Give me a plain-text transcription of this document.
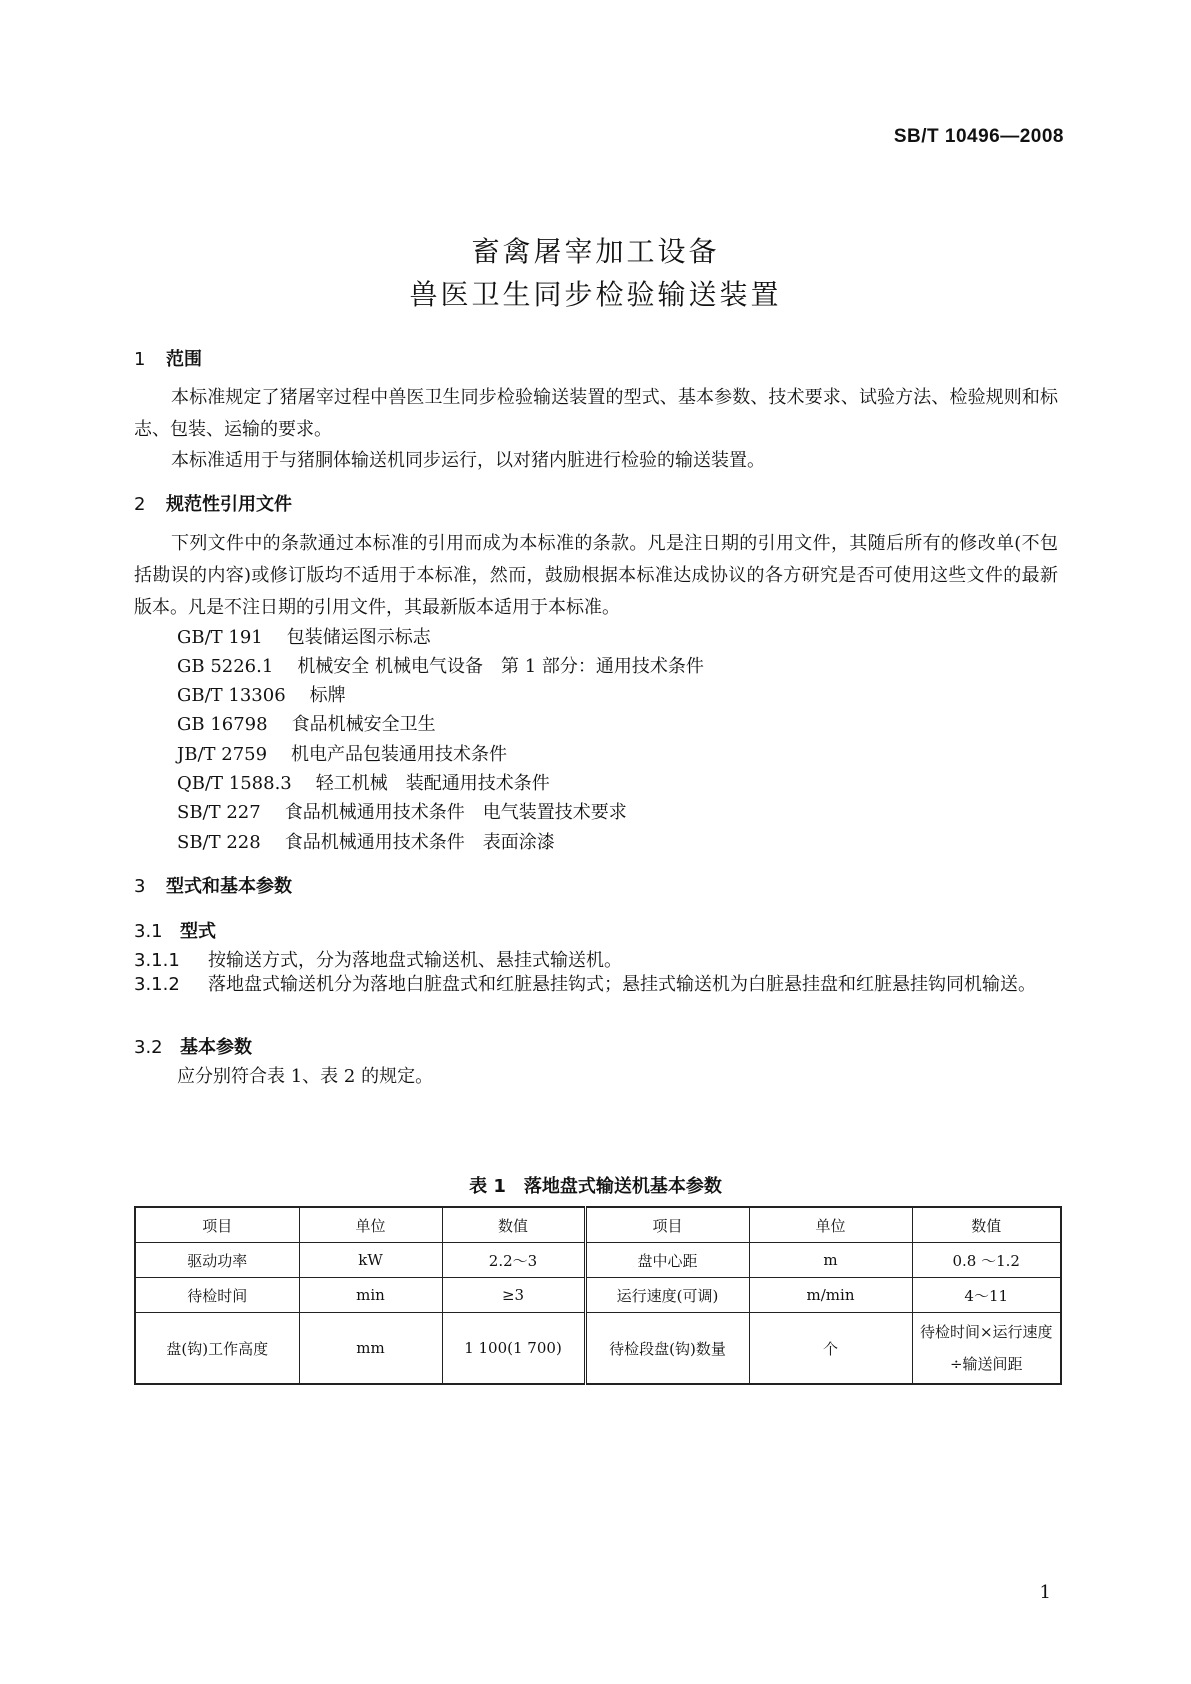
SB/T 10496—2008
畜禽屠宰加工设备
兽医卫生同步检验输送装置
1 范围
本标准规定了猪屠宰过程中兽医卫生同步检验输送装置的型式、基本参数、技术要求、试验方法、检验规则和标志、包装、运输的要求。
本标准适用于与猪胴体输送机同步运行，以对猪内脏进行检验的输送装置。
2 规范性引用文件
下列文件中的条款通过本标准的引用而成为本标准的条款。凡是注日期的引用文件，其随后所有的修改单(不包括勘误的内容)或修订版均不适用于本标准，然而，鼓励根据本标准达成协议的各方研究是否可使用这些文件的最新版本。凡是不注日期的引用文件，其最新版本适用于本标准。
GB/T 191 包装储运图示标志
GB 5226.1 机械安全 机械电气设备　第 1 部分：通用技术条件
GB/T 13306 标牌
GB 16798 食品机械安全卫生
JB/T 2759 机电产品包装通用技术条件
QB/T 1588.3 轻工机械　装配通用技术条件
SB/T 227 食品机械通用技术条件　电气装置技术要求
SB/T 228 食品机械通用技术条件　表面涂漆
3 型式和基本参数
3.1 型式
3.1.1 按输送方式，分为落地盘式输送机、悬挂式输送机。
3.1.2 落地盘式输送机分为落地白脏盘式和红脏悬挂钩式；悬挂式输送机为白脏悬挂盘和红脏悬挂钩同机输送。
3.2 基本参数
应分别符合表 1、表 2 的规定。
表 1　落地盘式输送机基本参数
项目	单位	数值	项目	单位	数值
驱动功率	kW	2.2～3	盘中心距	m	0.8 ～1.2
待检时间	min	≥3	运行速度(可调)	m/min	4～11
盘(钩)工作高度	mm	1 100(1 700)	待检段盘(钩)数量	个	待检时间×运行速度÷输送间距
1
